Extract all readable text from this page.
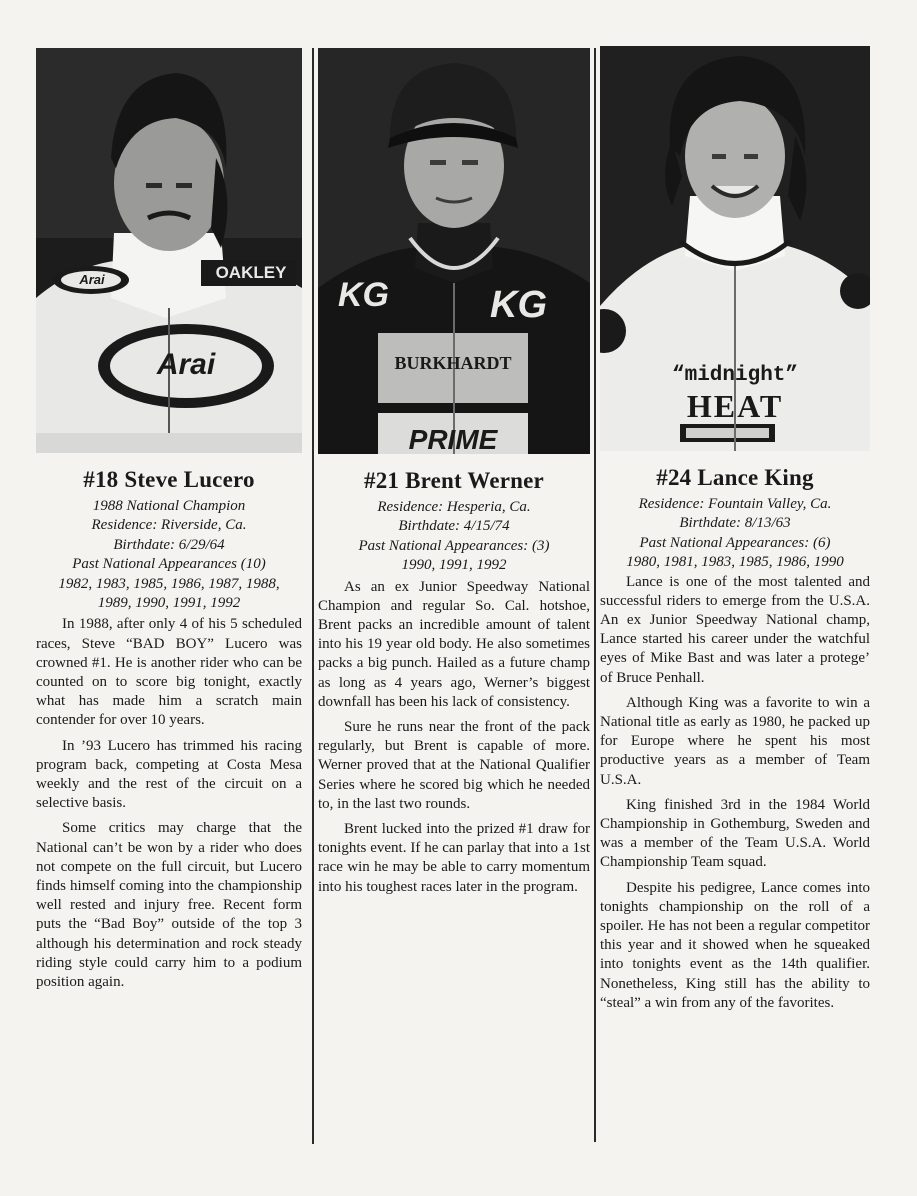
Arai
Arai	OAKLEY
#18 Steve Lucero
1988 National Champion
Residence: Riverside, Ca.
Birthdate: 6/29/64
Past National Appearances (10)
1982, 1983, 1985, 1986, 1987, 1988,
1989, 1990, 1991, 1992

In 1988, after only 4 of his 5 scheduled races, Steve “BAD BOY” Lucero was crowned #1. He is another rider who can be counted on to score big tonight, exactly what has made him a scratch main contender for over 10 years.

In ’93 Lucero has trimmed his racing program back, competing at Costa Mesa weekly and the rest of the circuit on a selective basis.

Some critics may charge that the National can’t be won by a rider who does not compete on the full circuit, but Lucero finds himself coming into the championship well rested and injury free. Recent form puts the “Bad Boy” outside of the top 3 although his determination and rock steady riding style could carry him to a podium position again.

KG	KG
BURKHARDT
PRIME
#21 Brent Werner
Residence: Hesperia, Ca.
Birthdate: 4/15/74
Past National Appearances: (3)
1990, 1991, 1992

As an ex Junior Speedway National Champion and regular So. Cal. hotshoe, Brent packs an incredible amount of talent into his 19 year old body. He also sometimes packs a big punch. Hailed as a future champ as long as 4 years ago, Werner’s biggest downfall has been his lack of consistency.

Sure he runs near the front of the pack regularly, but Brent is capable of more. Werner proved that at the National Qualifier Series where he scored big which he needed to, in the last two rounds.

Brent lucked into the prized #1 draw for tonights event. If he can parlay that into a 1st race win he may be able to carry momentum into his toughest races later in the program.

“midnight”
HEAT
#24 Lance King
Residence: Fountain Valley, Ca.
Birthdate: 8/13/63
Past National Appearances: (6)
1980, 1981, 1983, 1985, 1986, 1990

Lance is one of the most talented and successful riders to emerge from the U.S.A. An ex Junior Speedway National champ, Lance started his career under the watchful eyes of Mike Bast and was later a protege’ of Bruce Penhall.

Although King was a favorite to win a National title as early as 1980, he packed up for Europe where he spent his most productive years as a member of Team U.S.A.

King finished 3rd in the 1984 World Championship in Gothemburg, Sweden and was a member of the Team U.S.A. World Championship Team squad.

Despite his pedigree, Lance comes into tonights championship on the roll of a spoiler. He has not been a regular competitor this year and it showed when he squeaked into tonights event as the 14th qualifier. Nonetheless, King still has the ability to “steal” a win from any of the favorites.
